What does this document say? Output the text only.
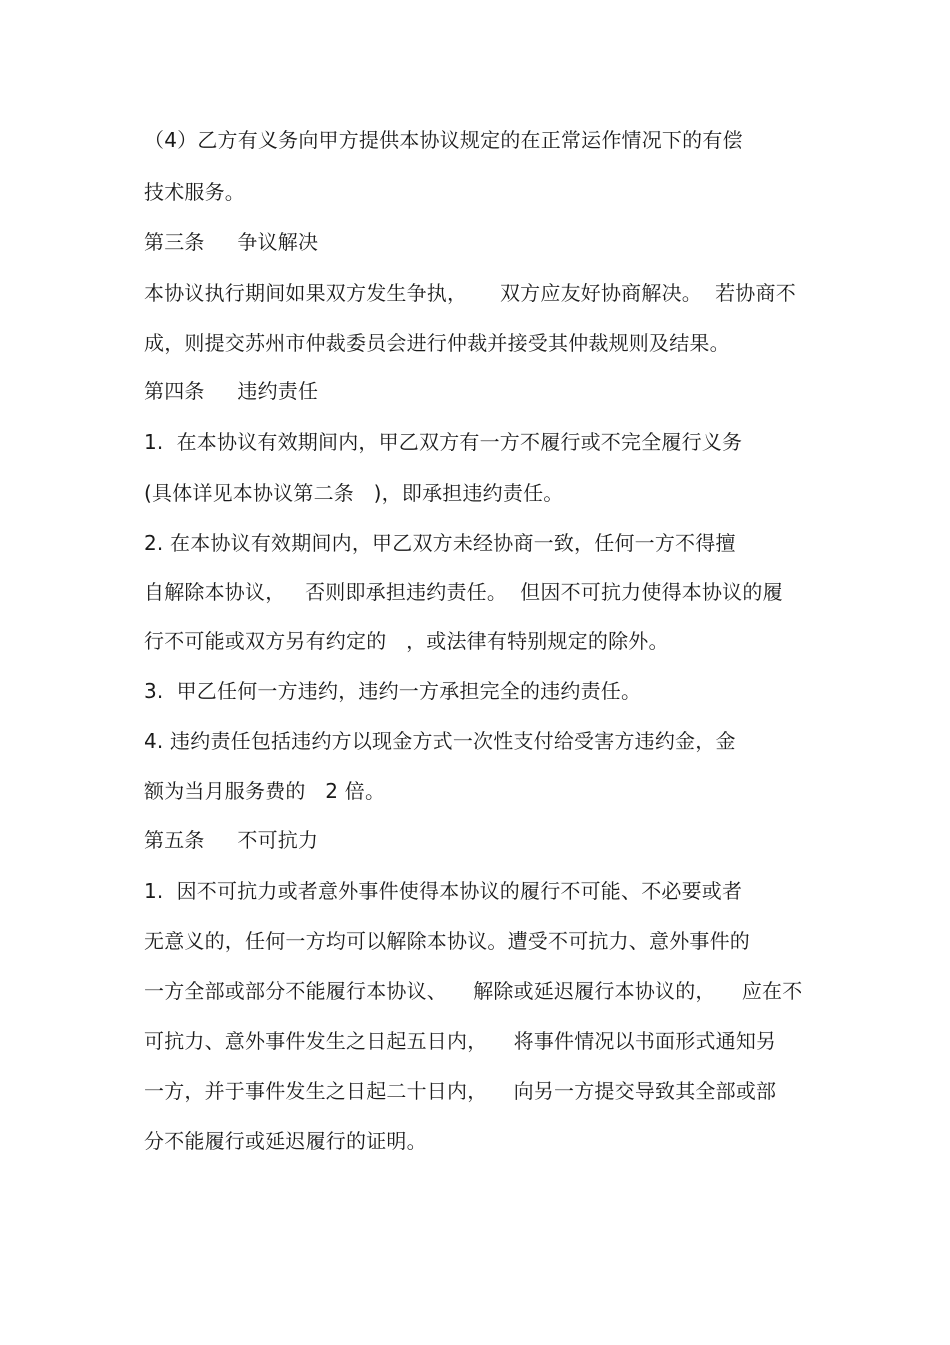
（4）乙方有义务向甲方提供本协议规定的在正常运作情况下的有偿
技术服务。
第三条     争议解决
本协议执行期间如果双方发生争执，     双方应友好协商解决。  若协商不
成，则提交苏州市仲裁委员会进行仲裁并接受其仲裁规则及结果。
第四条     违约责任
1.  在本协议有效期间内，甲乙双方有一方不履行或不完全履行义务
(具体详见本协议第二条   )，即承担违约责任。
2. 在本协议有效期间内，甲乙双方未经协商一致，任何一方不得擅
自解除本协议，   否则即承担违约责任。  但因不可抗力使得本协议的履
行不可能或双方另有约定的   ，或法律有特别规定的除外。
3.  甲乙任何一方违约，违约一方承担完全的违约责任。
4. 违约责任包括违约方以现金方式一次性支付给受害方违约金，金
额为当月服务费的   2 倍。
第五条     不可抗力
1.  因不可抗力或者意外事件使得本协议的履行不可能、不必要或者
无意义的，任何一方均可以解除本协议。遭受不可抗力、意外事件的
一方全部或部分不能履行本协议、    解除或延迟履行本协议的，    应在不
可抗力、意外事件发生之日起五日内，    将事件情况以书面形式通知另
一方，并于事件发生之日起二十日内，    向另一方提交导致其全部或部
分不能履行或延迟履行的证明。
